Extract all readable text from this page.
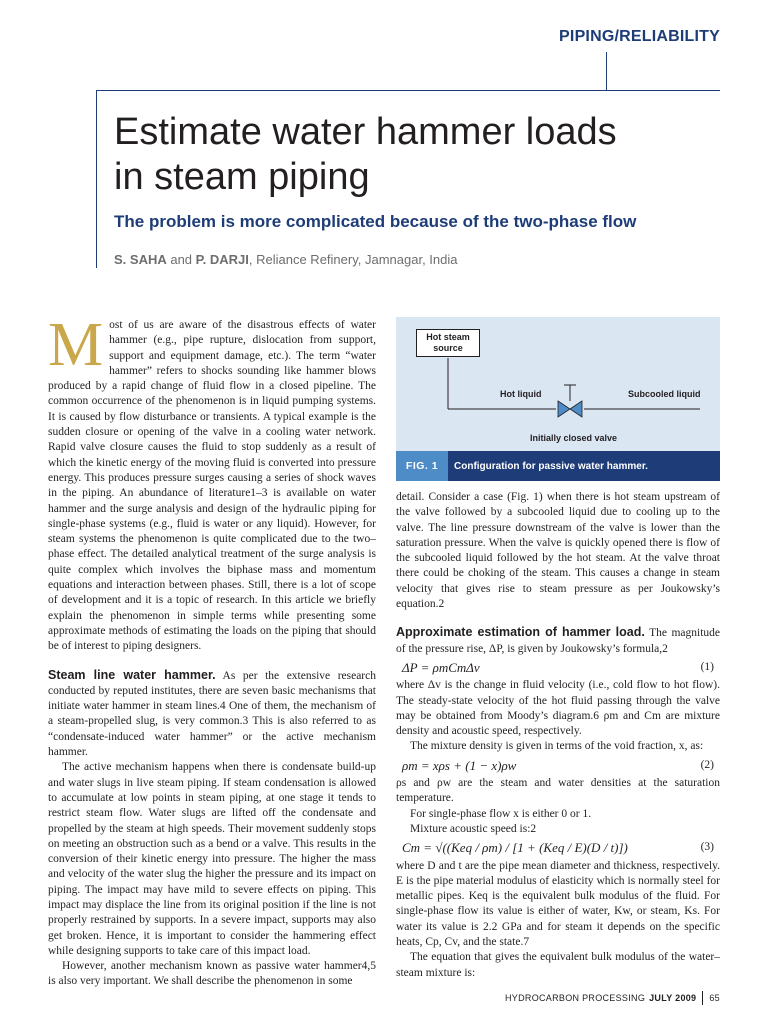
PIPING/RELIABILITY
Estimate water hammer loads
in steam piping
The problem is more complicated because of the two-phase flow
S. SAHA and P. DARJI, Reliance Refinery, Jamnagar, India

Most of us are aware of the disastrous effects of water hammer (e.g., pipe rupture, dislocation from support, support and equipment damage, etc.). The term “water hammer” refers to shocks sounding like hammer blows produced by a rapid change of fluid flow in a closed pipeline. The common occurrence of the phenomenon is in liquid pumping systems. It is caused by flow disturbance or transients. A typical example is the sudden closure or opening of the valve in a cooling water network. Rapid valve closure causes the fluid to stop suddenly as a result of which the kinetic energy of the moving fluid is converted into pressure energy. This produces pressure surges causing a series of shock waves in the piping. An abundance of literature1–3 is available on water hammer and the surge analysis and design of the hydraulic piping for single-phase systems (e.g., fluid is water or any liquid). However, for steam systems the phenomenon is quite complicated due to the two–phase effect. The detailed analytical treatment of the surge analysis is quite complex which involves the biphase mass and momentum equations and interaction between phases. Still, there is a lot of scope of development and it is a topic of research. In this article we briefly explain the phenomenon in simple terms while presenting some approximate methods of estimating the loads on the piping that should be of interest to piping designers.

Steam line water hammer. As per the extensive research conducted by reputed institutes, there are seven basic mechanisms that initiate water hammer in steam lines.4 One of them, the mechanism of a steam-propelled slug, is very common.3 This is also referred to as “condensate-induced water hammer” or the active mechanism hammer.

The active mechanism happens when there is condensate build-up and water slugs in live steam piping. If steam condensation is allowed to accumulate at low points in steam piping, at one stage it tends to restrict steam flow. Water slugs are lifted off the condensate and propelled by the steam at high speeds. Their movement suddenly stops on meeting an obstruction such as a bend or a valve. This results in the conversion of their kinetic energy into pressure. The higher the mass and velocity of the water slug the higher the pressure and its impact on piping. The impact may have mild to severe effects on piping. This impact may displace the line from its original position if the line is not properly restrained by supports. In a severe impact, supports may also get broken. Hence, it is important to consider the hammering effect while designing supports to take care of this impact load.

However, another mechanism known as passive water hammer4,5 is also very important. We shall describe the phenomenon in some

Hot steam
source
Hot liquid	Subcooled liquid
Initially closed valve
FIG. 1	Configuration for passive water hammer.

detail. Consider a case (Fig. 1) when there is hot steam upstream of the valve followed by a subcooled liquid due to cooling up to the valve. The line pressure downstream of the valve is lower than the saturation pressure. When the valve is quickly opened there is flow of the subcooled liquid followed by the hot steam. At the valve throat there could be choking of the steam. This causes a change in steam velocity that gives rise to steam pressure as per Joukowsky’s equation.2

Approximate estimation of hammer load. The magnitude of the pressure rise, ΔP, is given by Joukowsky’s formula,2

ΔP = ρmCmΔv	(1)

where Δv is the change in fluid velocity (i.e., cold flow to hot flow). The steady-state velocity of the hot fluid passing through the valve may be obtained from Moody’s diagram.6 ρm and Cm are mixture density and acoustic speed, respectively.

The mixture density is given in terms of the void fraction, x, as:

ρm = xρs + (1 − x)ρw	(2)

ρs and ρw are the steam and water densities at the saturation temperature.

For single-phase flow x is either 0 or 1.

Mixture acoustic speed is:2

Cm = √((Keq / ρm) / [1 + (Keq / E)(D / t)])	(3)

where D and t are the pipe mean diameter and thickness, respectively. E is the pipe material modulus of elasticity which is normally steel for metallic pipes. Keq is the equivalent bulk modulus of the fluid. For single-phase flow its value is either of water, Kw, or steam, Ks. For water its value is 2.2 GPa and for steam it depends on the specific heats, Cp, Cv, and the state.7

The equation that gives the equivalent bulk modulus of the water–steam mixture is:

HYDROCARBON PROCESSING JULY 2009 65
